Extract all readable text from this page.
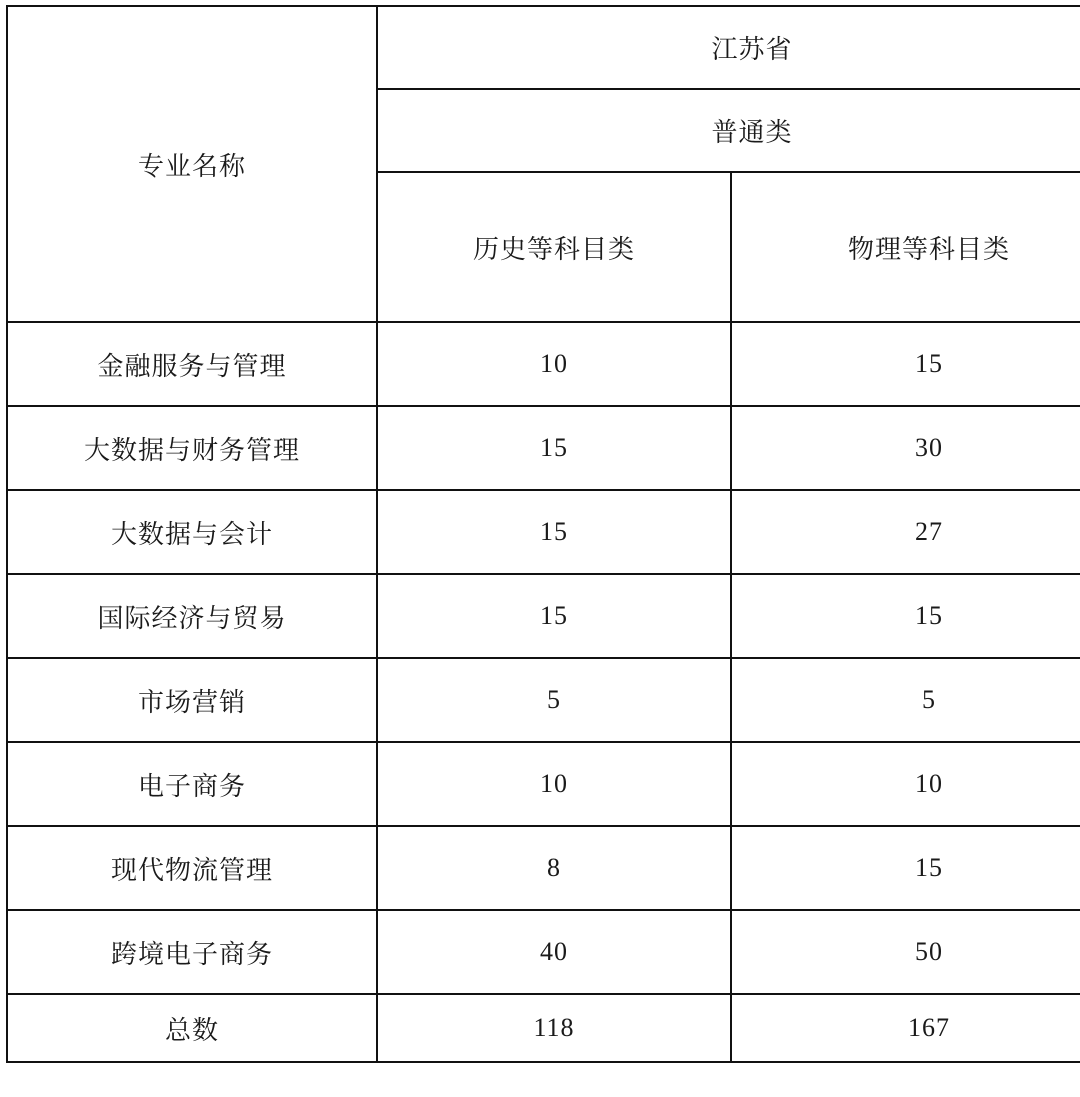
专业名称	江苏省	
	普通类	
	历史等科目类	物理等科目类
金融服务与管理	10	15
大数据与财务管理	15	30
大数据与会计	15	27
国际经济与贸易	15	15
市场营销	5	5
电子商务	10	10
现代物流管理	8	15
跨境电子商务	40	50
总数	118	167
